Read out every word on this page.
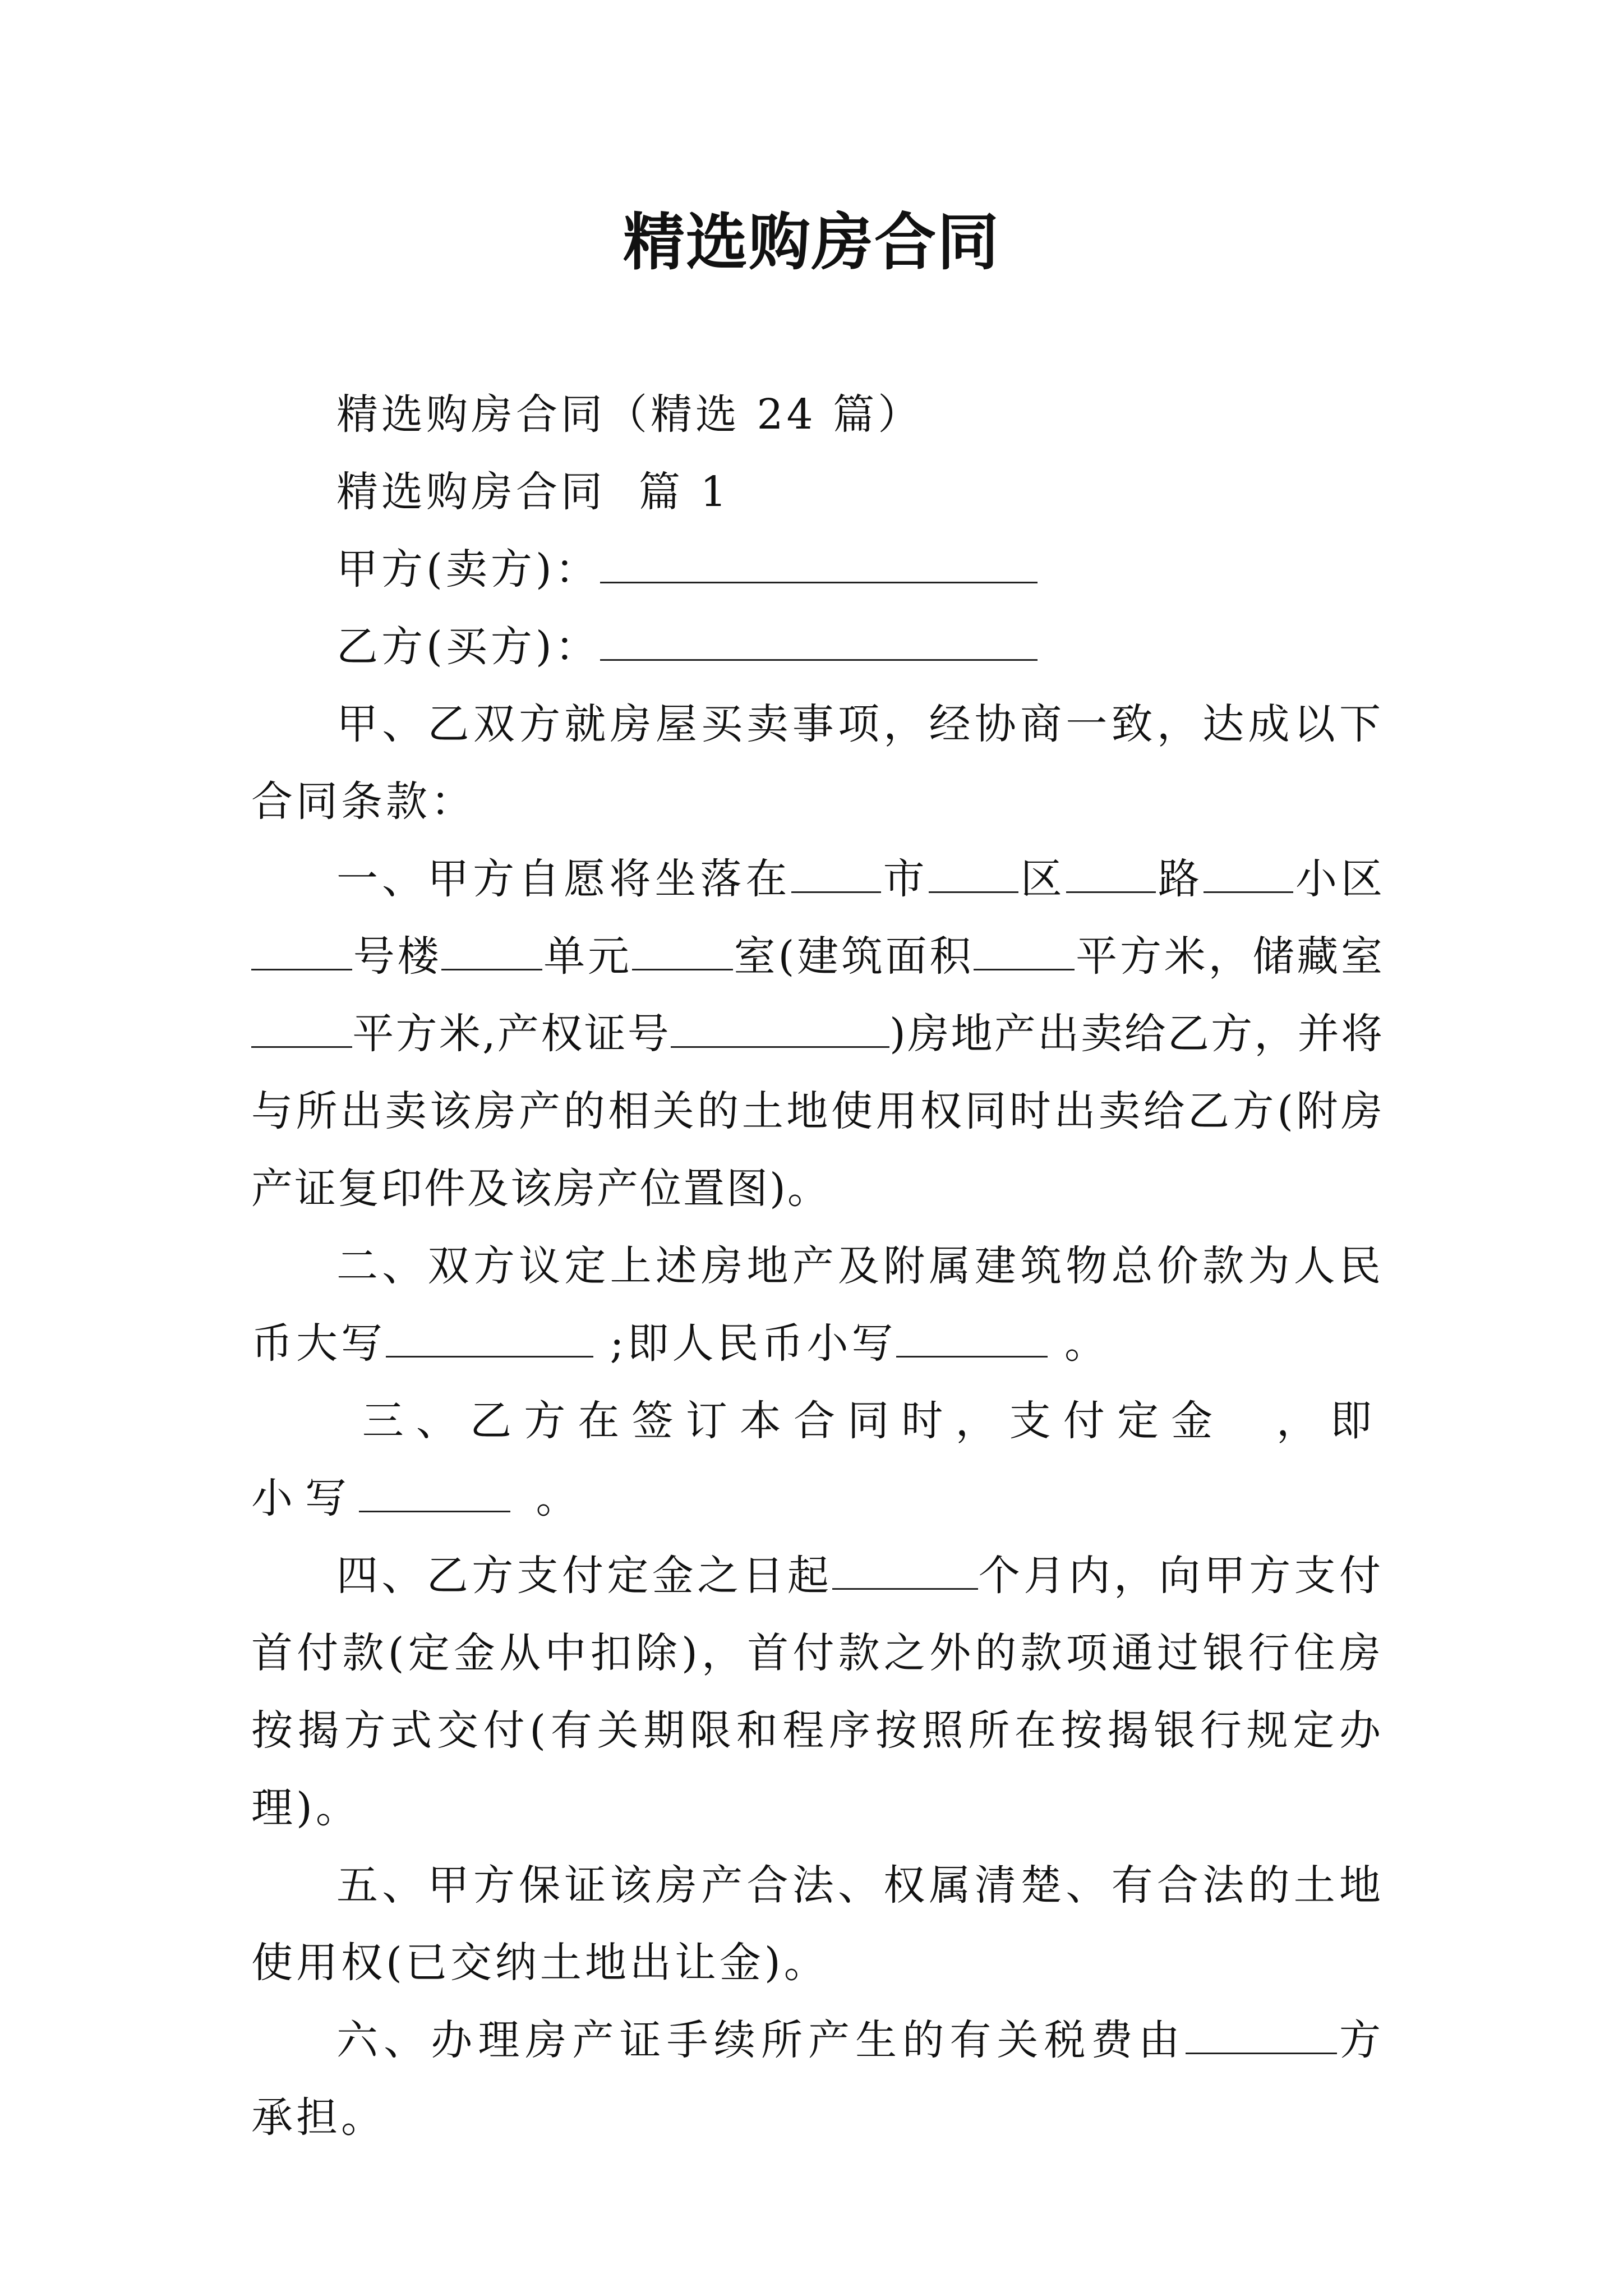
精选购房合同

精选购房合同（精选 24 篇）

精选购房合同  篇 1

甲方(卖方)：

乙方(买方)：

甲、乙双方就房屋买卖事项，经协商一致，达成以下合同条款：

一、甲方自愿将坐落在 市 区 路 小区号楼 单元 室(建筑面积 平方米，储藏室平方米,产权证号	)房地产出卖给乙方，并将与所出卖该房产的相关的土地使用权同时出卖给乙方(附房产证复印件及该房产位置图)。

二、双方议定上述房地产及附属建筑物总价款为人民币大写	;即人民币小写	。

三、乙方在签订本合同时，支付定金  ，即小写	。

四、乙方支付定金之日起	个月内，向甲方支付首付款(定金从中扣除)，首付款之外的款项通过银行住房按揭方式交付(有关期限和程序按照所在按揭银行规定办理)。

五、甲方保证该房产合法、权属清楚、有合法的土地使用权(已交纳土地出让金)。

六、办理房产证手续所产生的有关税费由	方承担。
